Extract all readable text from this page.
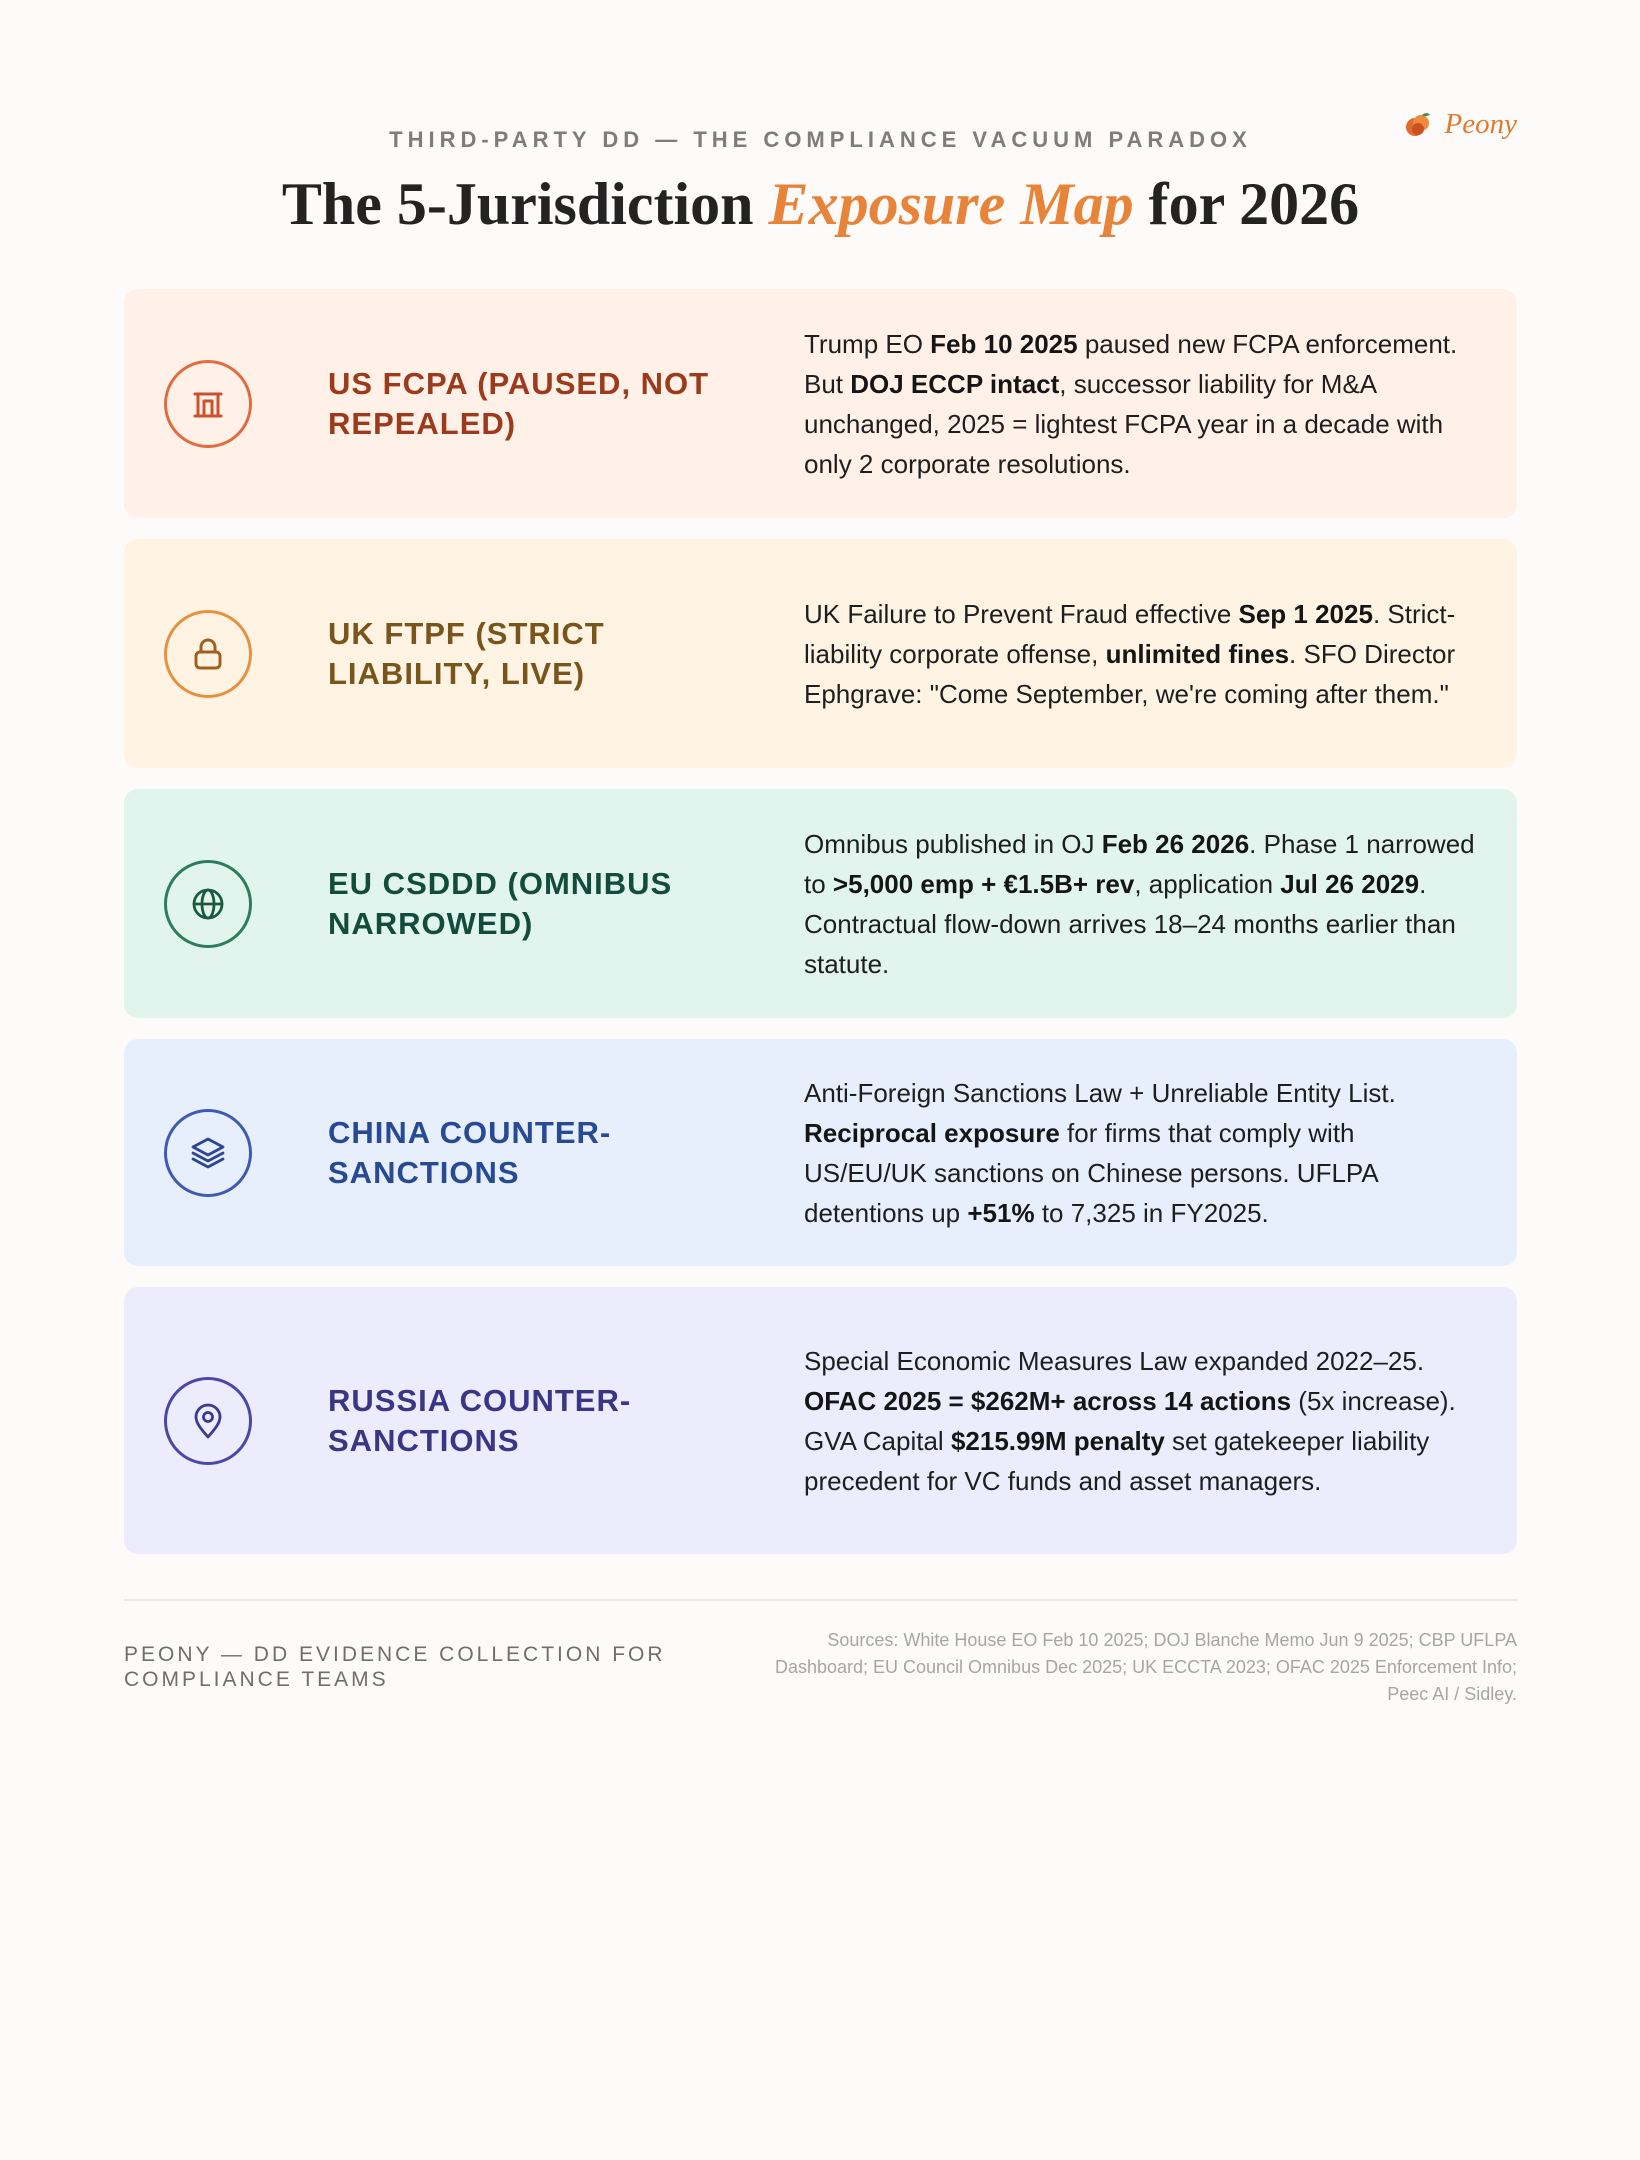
Peony
THIRD-PARTY DD — THE COMPLIANCE VACUUM PARADOX
The 5-Jurisdiction Exposure Map for 2026
US FCPA (PAUSED, NOT REPEALED)
Trump EO Feb 10 2025 paused new FCPA enforcement. But DOJ ECCP intact, successor liability for M&A unchanged, 2025 = lightest FCPA year in a decade with only 2 corporate resolutions.
UK FTPF (STRICT LIABILITY, LIVE)
UK Failure to Prevent Fraud effective Sep 1 2025. Strict-liability corporate offense, unlimited fines. SFO Director Ephgrave: "Come September, we're coming after them."
EU CSDDD (OMNIBUS NARROWED)
Omnibus published in OJ Feb 26 2026. Phase 1 narrowed to >5,000 emp + €1.5B+ rev, application Jul 26 2029. Contractual flow-down arrives 18–24 months earlier than statute.
CHINA COUNTER-SANCTIONS
Anti-Foreign Sanctions Law + Unreliable Entity List. Reciprocal exposure for firms that comply with US/EU/UK sanctions on Chinese persons. UFLPA detentions up +51% to 7,325 in FY2025.
RUSSIA COUNTER-SANCTIONS
Special Economic Measures Law expanded 2022–25. OFAC 2025 = $262M+ across 14 actions (5x increase). GVA Capital $215.99M penalty set gatekeeper liability precedent for VC funds and asset managers.
PEONY — DD EVIDENCE COLLECTION FOR COMPLIANCE TEAMS
Sources: White House EO Feb 10 2025; DOJ Blanche Memo Jun 9 2025; CBP UFLPA Dashboard; EU Council Omnibus Dec 2025; UK ECCTA 2023; OFAC 2025 Enforcement Info; Peec AI / Sidley.
